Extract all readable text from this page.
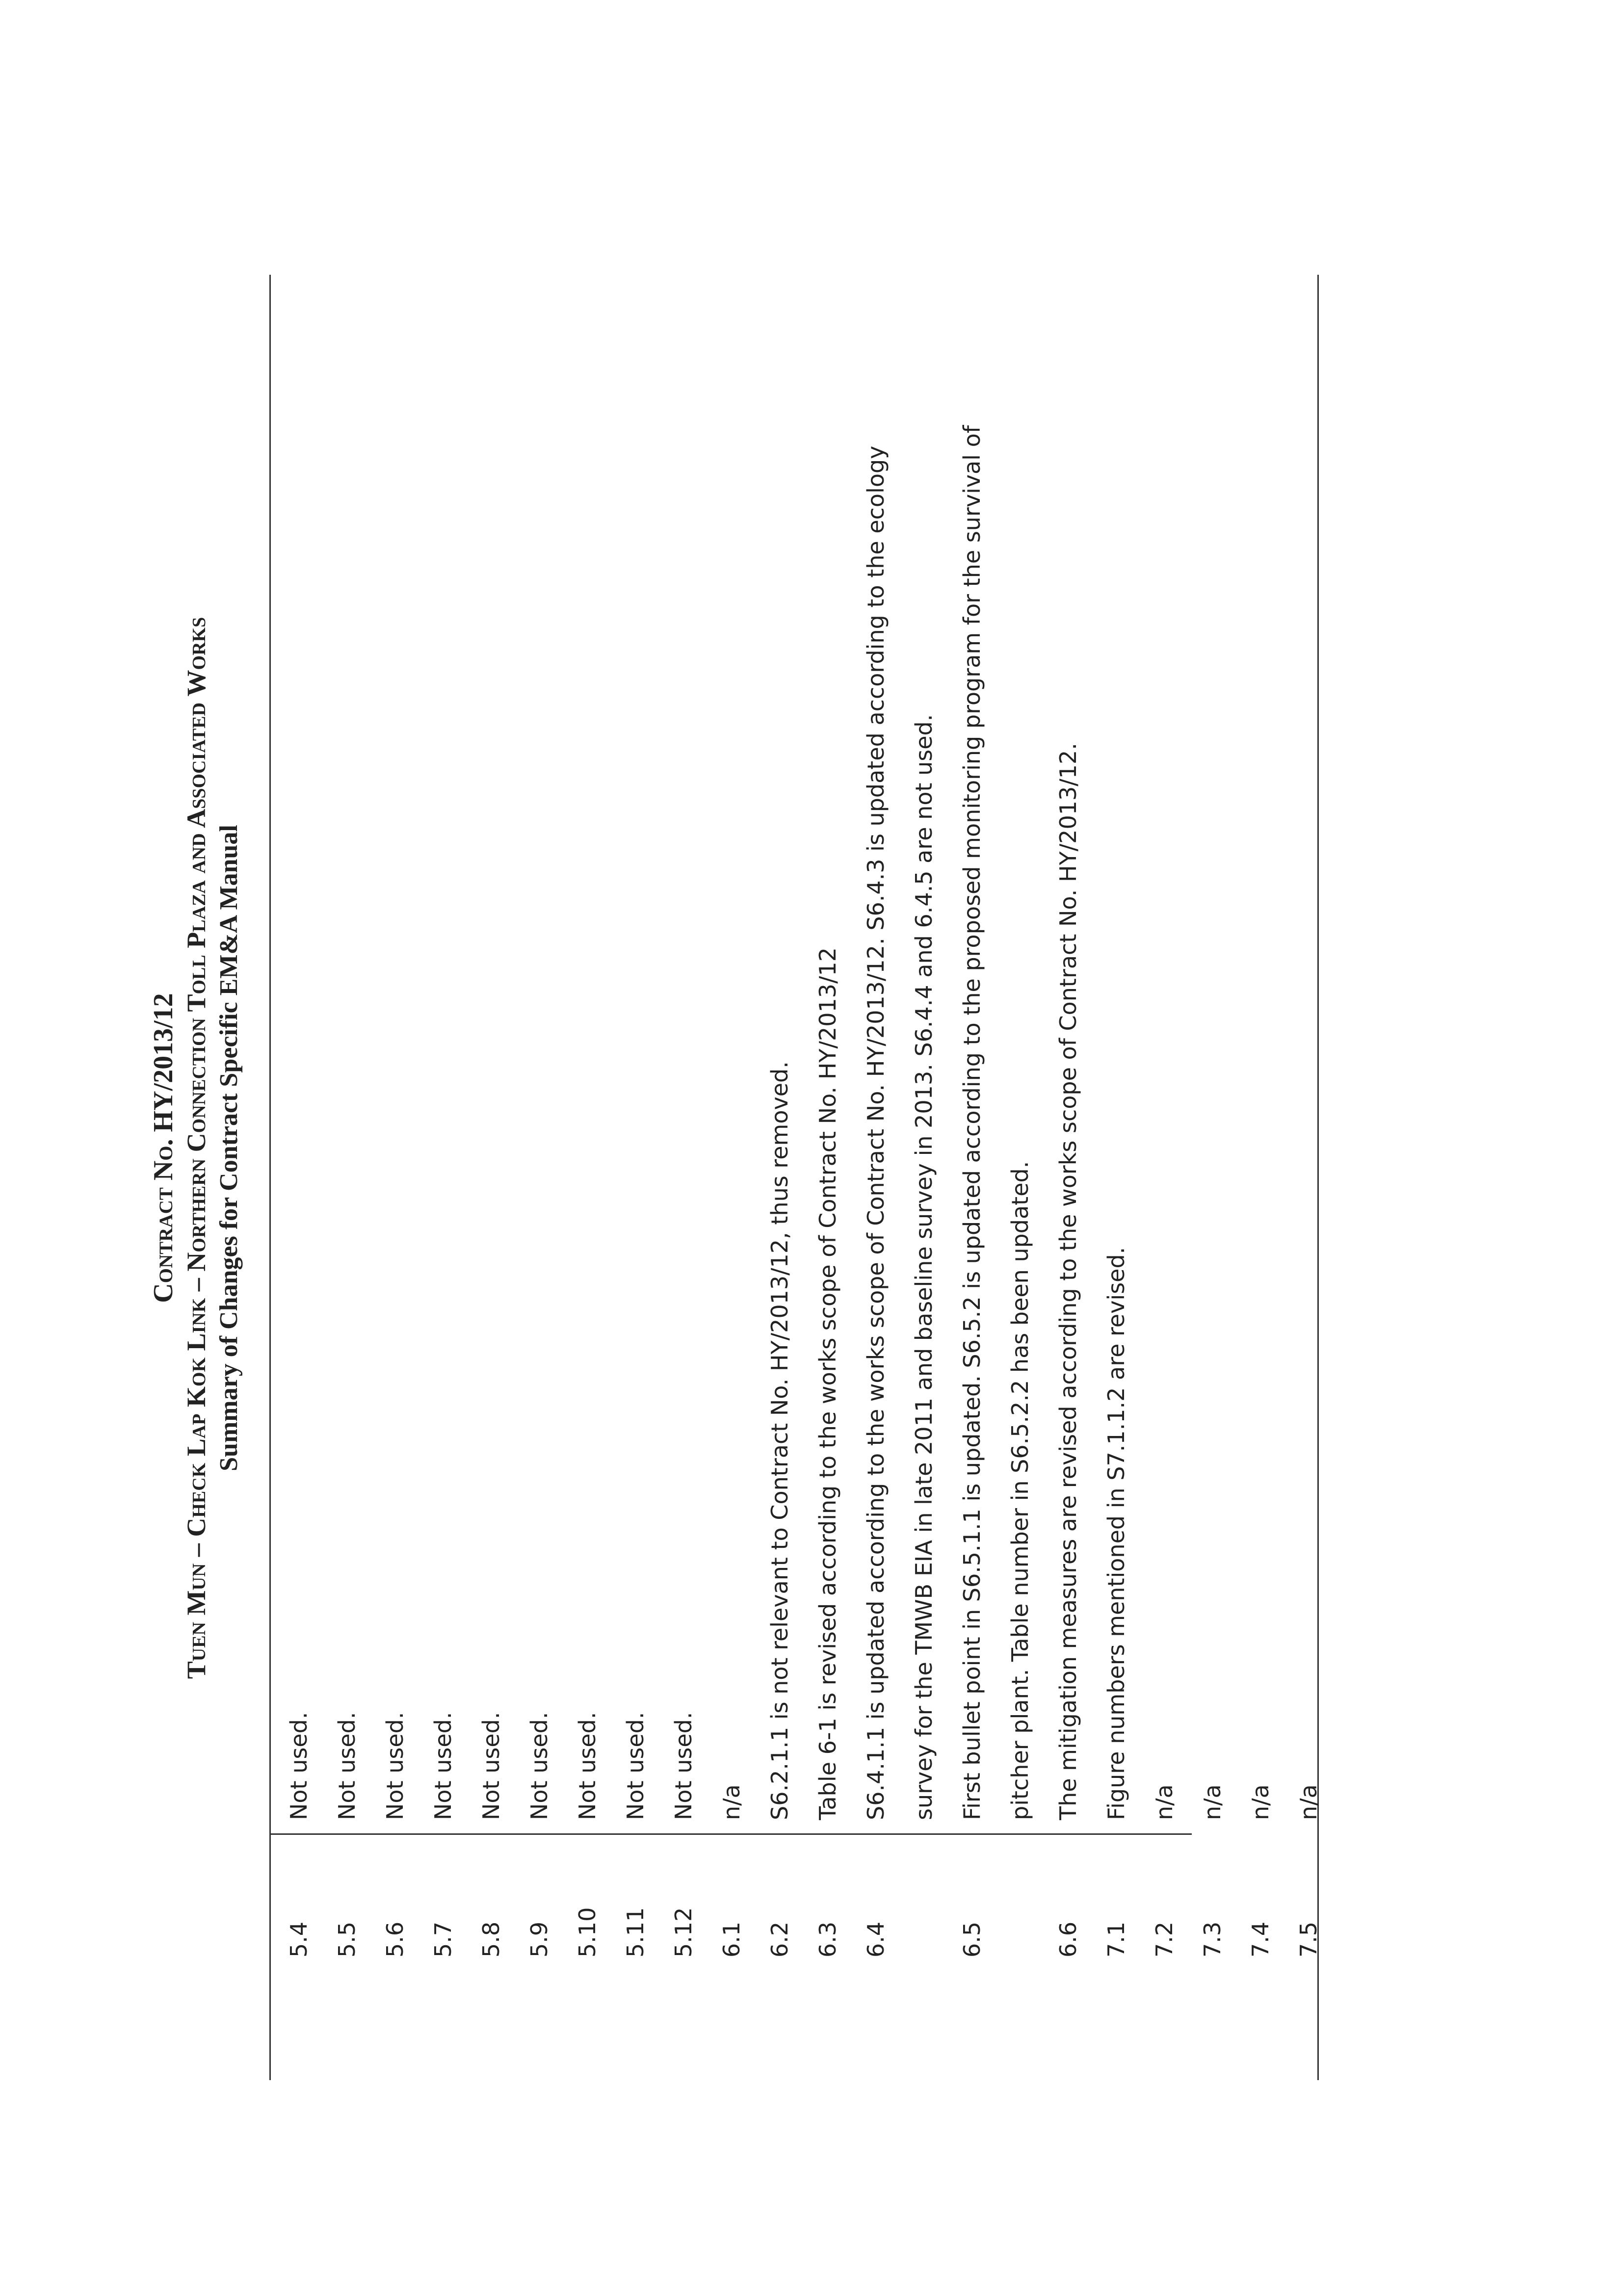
Contract No. HY/2013/12 Tuen Mun – Check Lap Kok Link – Northern Connection Toll Plaza and Associated Works Summary of Changes for Contract Specific EM&A Manual
5.4
Not used.
5.5
Not used.
5.6
Not used.
5.7
Not used.
5.8
Not used.
5.9
Not used.
5.10
Not used.
5.11
Not used.
5.12
Not used.
6.1
n/a
6.2
S6.2.1.1 is not relevant to Contract No. HY/2013/12, thus removed.
6.3
Table 6-1 is revised according to the works scope of Contract No. HY/2013/12
6.4
S6.4.1.1 is updated according to the works scope of Contract No. HY/2013/12. S6.4.3 is updated according to the ecology survey for the TMWB EIA in late 2011 and baseline survey in 2013. S6.4.4 and 6.4.5 are not used.
6.5
First bullet point in S6.5.1.1 is updated. S6.5.2 is updated according to the proposed monitoring program for the survival of pitcher plant. Table number in S6.5.2.2 has been updated.
6.6
The mitigation measures are revised according to the works scope of Contract No. HY/2013/12.
7.1
Figure numbers mentioned in S7.1.1.2 are revised.
7.2
n/a
7.3
n/a
7.4
n/a
7.5
n/a
